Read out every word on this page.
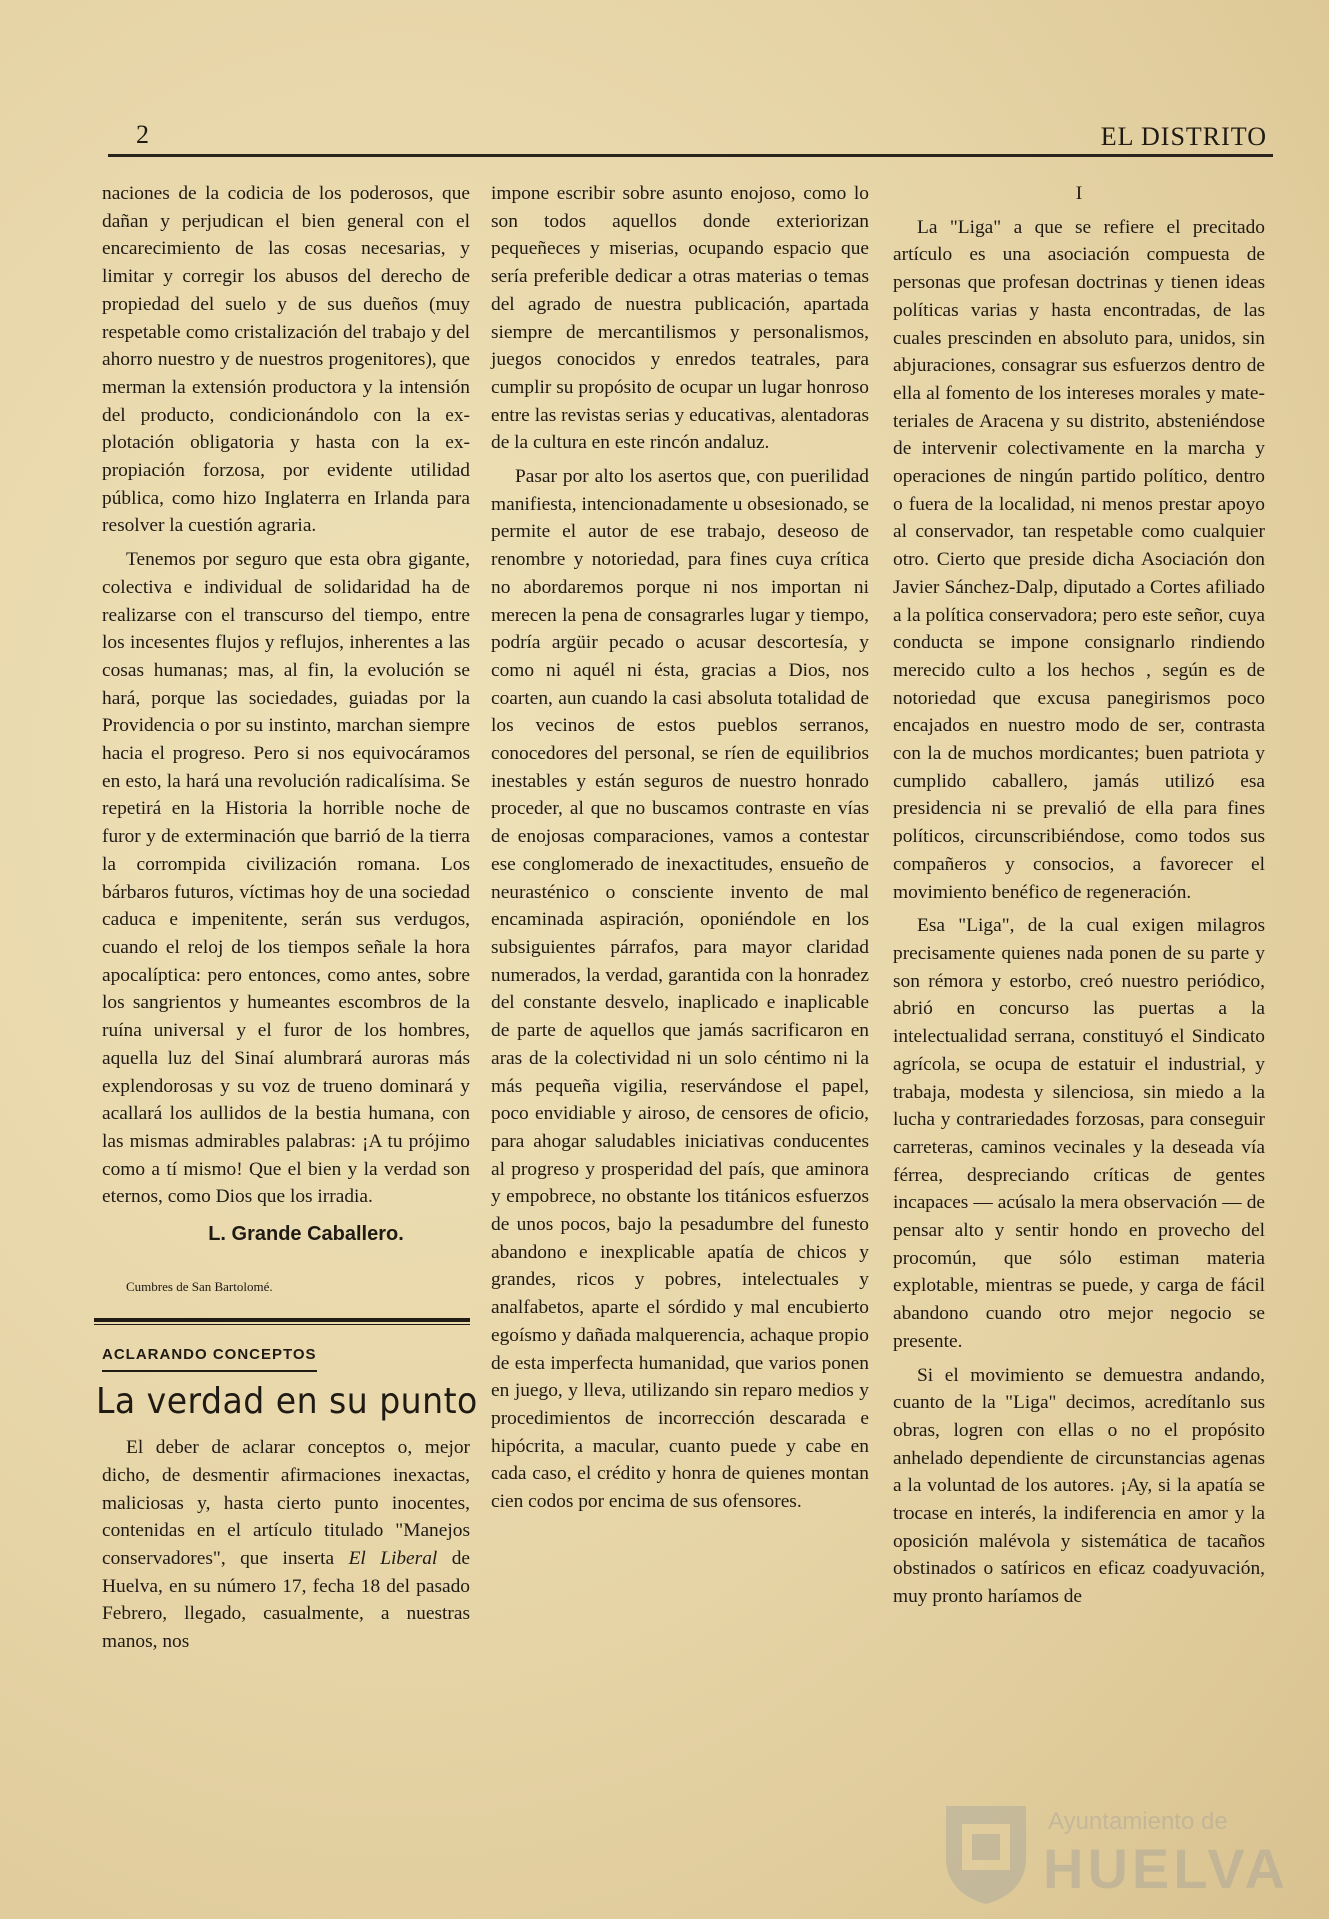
2	EL DISTRITO

naciones de la codicia de los poderosos, que dañan y perjudican el bien general con el encarecimiento de las cosas necesarias, y limitar y corregir los abusos del derecho de propiedad del suelo y de sus dueños (muy respetable como cristalización del trabajo y del ahorro nuestro y de nuestros progenitores), que merman la extensión productora y la intensión del producto, condicionándolo con la explotación obligatoria y hasta con la expropiación forzosa, por evidente utilidad pública, como hizo Inglaterra en Irlanda para resolver la cuestión agraria.

Tenemos por seguro que esta obra gigante, colectiva e individual de solidaridad ha de realizarse con el transcurso del tiempo, entre los incesentes flujos y reflujos, inherentes a las cosas humanas; mas, al fin, la evolución se hará, porque las sociedades, guiadas por la Providencia o por su instinto, marchan siempre hacia el progreso. Pero si nos equivocáramos en esto, la hará una revolución radicalísima. Se repetirá en la Historia la horrible noche de furor y de exterminación que barrió de la tierra la corrompida civilización romana. Los bárbaros futuros, víctimas hoy de una sociedad caduca e impenitente, serán sus verdugos, cuando el reloj de los tiempos señale la hora apocalíptica: pero entonces, como antes, sobre los sangrientos y humeantes escombros de la ruína universal y el furor de los hombres, aquella luz del Sinaí alumbrará auroras más explendorosas y su voz de trueno dominará y acallará los aullidos de la bestia humana, con las mismas admirables palabras: ¡A tu prójimo como a tí mismo! Que el bien y la verdad son eternos, como Dios que los irradia.

L. Grande Caballero.
Cumbres de San Bartolomé.
ACLARANDO CONCEPTOS
La verdad en su punto

El deber de aclarar conceptos o, mejor dicho, de desmentir afirmaciones inexactas, maliciosas y, hasta cierto punto inocentes, contenidas en el artículo titulado "Manejos conservadores", que inserta El Liberal de Huelva, en su número 17, fecha 18 del pasado Febrero, llegado, casualmente, a nuestras manos, nos

impone escribir sobre asunto enojoso, como lo son todos aquellos donde exteriorizan pequeñeces y miserias, ocupando espacio que sería preferible dedicar a otras materias o temas del agrado de nuestra publicación, apartada siempre de mercantilismos y personalismos, juegos conocidos y enredos teatrales, para cumplir su propósito de ocupar un lugar honroso entre las revistas serias y educativas, alentadoras de la cultura en este rincón andaluz.

Pasar por alto los asertos que, con puerilidad manifiesta, intencionadamente u obsesionado, se permite el autor de ese trabajo, deseoso de renombre y notoriedad, para fines cuya crítica no abordaremos porque ni nos importan ni merecen la pena de consagrarles lugar y tiempo, podría argüir pecado o acusar descortesía, y como ni aquél ni ésta, gracias a Dios, nos coarten, aun cuando la casi absoluta totalidad de los vecinos de estos pueblos serranos, conocedores del personal, se ríen de equilibrios inestables y están seguros de nuestro honrado proceder, al que no buscamos contraste en vías de enojosas comparaciones, vamos a contestar ese conglomerado de inexactitudes, ensueño de neurasténico o consciente invento de mal encaminada aspiración, oponiéndole en los subsiguientes párrafos, para mayor claridad numerados, la verdad, garantida con la honradez del constante desvelo, inaplicado e inaplicable de parte de aquellos que jamás sacrificaron en aras de la colectividad ni un solo céntimo ni la más pequeña vigilia, reservándose el papel, poco envidiable y airoso, de censores de oficio, para ahogar saludables iniciativas conducentes al progreso y prosperidad del país, que aminora y empobrece, no obstante los titánicos esfuerzos de unos pocos, bajo la pesadumbre del funesto abandono e inexplicable apatía de chicos y grandes, ricos y pobres, intelectuales y analfabetos, aparte el sórdido y mal encubierto egoísmo y dañada malquerencia, achaque propio de esta imperfecta humanidad, que varios ponen en juego, y lleva, utilizando sin reparo medios y procedimientos de incorrección descarada e hipócrita, a macular, cuanto puede y cabe en cada caso, el crédito y honra de quienes montan cien codos por encima de sus ofensores.

I

La "Liga" a que se refiere el precitado artículo es una asociación compuesta de personas que profesan doctrinas y tienen ideas políticas varias y hasta encontradas, de las cuales prescinden en absoluto para, unidos, sin abjuraciones, consagrar sus esfuerzos dentro de ella al fomento de los intereses morales y mateteriales de Aracena y su distrito, absteniéndose de intervenir colectivamente en la marcha y operaciones de ningún partido político, dentro o fuera de la localidad, ni menos prestar apoyo al conservador, tan respetable como cualquier otro. Cierto que preside dicha Asociación don Javier Sánchez-Dalp, diputado a Cortes afiliado a la política conservadora; pero este señor, cuya conducta se impone consignarlo rindiendo merecido culto a los hechos , según es de notoriedad que excusa panegirismos poco encajados en nuestro modo de ser, contrasta con la de muchos mordicantes; buen patriota y cumplido caballero, jamás utilizó esa presidencia ni se prevalió de ella para fines políticos, circunscribiéndose, como todos sus compañeros y consocios, a favorecer el movimiento benéfico de regeneración.

Esa "Liga", de la cual exigen milagros precisamente quienes nada ponen de su parte y son rémora y estorbo, creó nuestro periódico, abrió en concurso las puertas a la intelectualidad serrana, constituyó el Sindicato agrícola, se ocupa de estatuir el industrial, y trabaja, modesta y silenciosa, sin miedo a la lucha y contrariedades forzosas, para conseguir carreteras, caminos vecinales y la deseada vía férrea, despreciando críticas de gentes incapaces — acúsalo la mera observación — de pensar alto y sentir hondo en provecho del procomún, que sólo estiman materia explotable, mientras se puede, y carga de fácil abandono cuando otro mejor negocio se presente.

Si el movimiento se demuestra andando, cuanto de la "Liga" decimos, acredítanlo sus obras, logren con ellas o no el propósito anhelado dependiente de circunstancias agenas a la voluntad de los autores. ¡Ay, si la apatía se trocase en interés, la indiferencia en amor y la oposición malévola y sistemática de tacaños obstinados o satíricos en eficaz coadyuvación, muy pronto haríamos de

Ayuntamiento de
HUELVA
